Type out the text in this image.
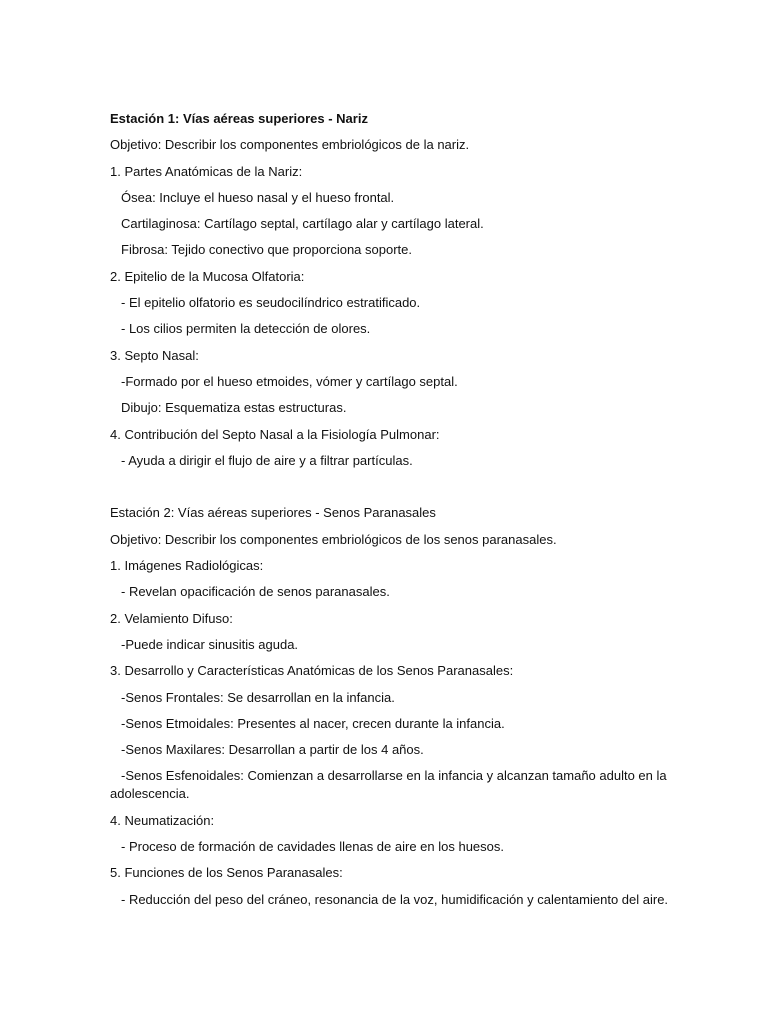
Estación 1: Vías aéreas superiores - Nariz
Objetivo: Describir los componentes embriológicos de la nariz.
1. Partes Anatómicas de la Nariz:
Ósea: Incluye el hueso nasal y el hueso frontal.
Cartilaginosa: Cartílago septal, cartílago alar y cartílago lateral.
Fibrosa: Tejido conectivo que proporciona soporte.
2. Epitelio de la Mucosa Olfatoria:
- El epitelio olfatorio es seudocilíndrico estratificado.
- Los cilios permiten la detección de olores.
3. Septo Nasal:
-Formado por el hueso etmoides, vómer y cartílago septal.
Dibujo: Esquematiza estas estructuras.
4. Contribución del Septo Nasal a la Fisiología Pulmonar:
- Ayuda a dirigir el flujo de aire y a filtrar partículas.
Estación 2: Vías aéreas superiores - Senos Paranasales
Objetivo: Describir los componentes embriológicos de los senos paranasales.
1. Imágenes Radiológicas:
- Revelan opacificación de senos paranasales.
2. Velamiento Difuso:
-Puede indicar sinusitis aguda.
3. Desarrollo y Características Anatómicas de los Senos Paranasales:
-Senos Frontales: Se desarrollan en la infancia.
-Senos Etmoidales: Presentes al nacer, crecen durante la infancia.
-Senos Maxilares: Desarrollan a partir de los 4 años.
-Senos Esfenoidales: Comienzan a desarrollarse en la infancia y alcanzan tamaño adulto en la adolescencia.
4. Neumatización:
- Proceso de formación de cavidades llenas de aire en los huesos.
5. Funciones de los Senos Paranasales:
- Reducción del peso del cráneo, resonancia de la voz, humidificación y calentamiento del aire.
